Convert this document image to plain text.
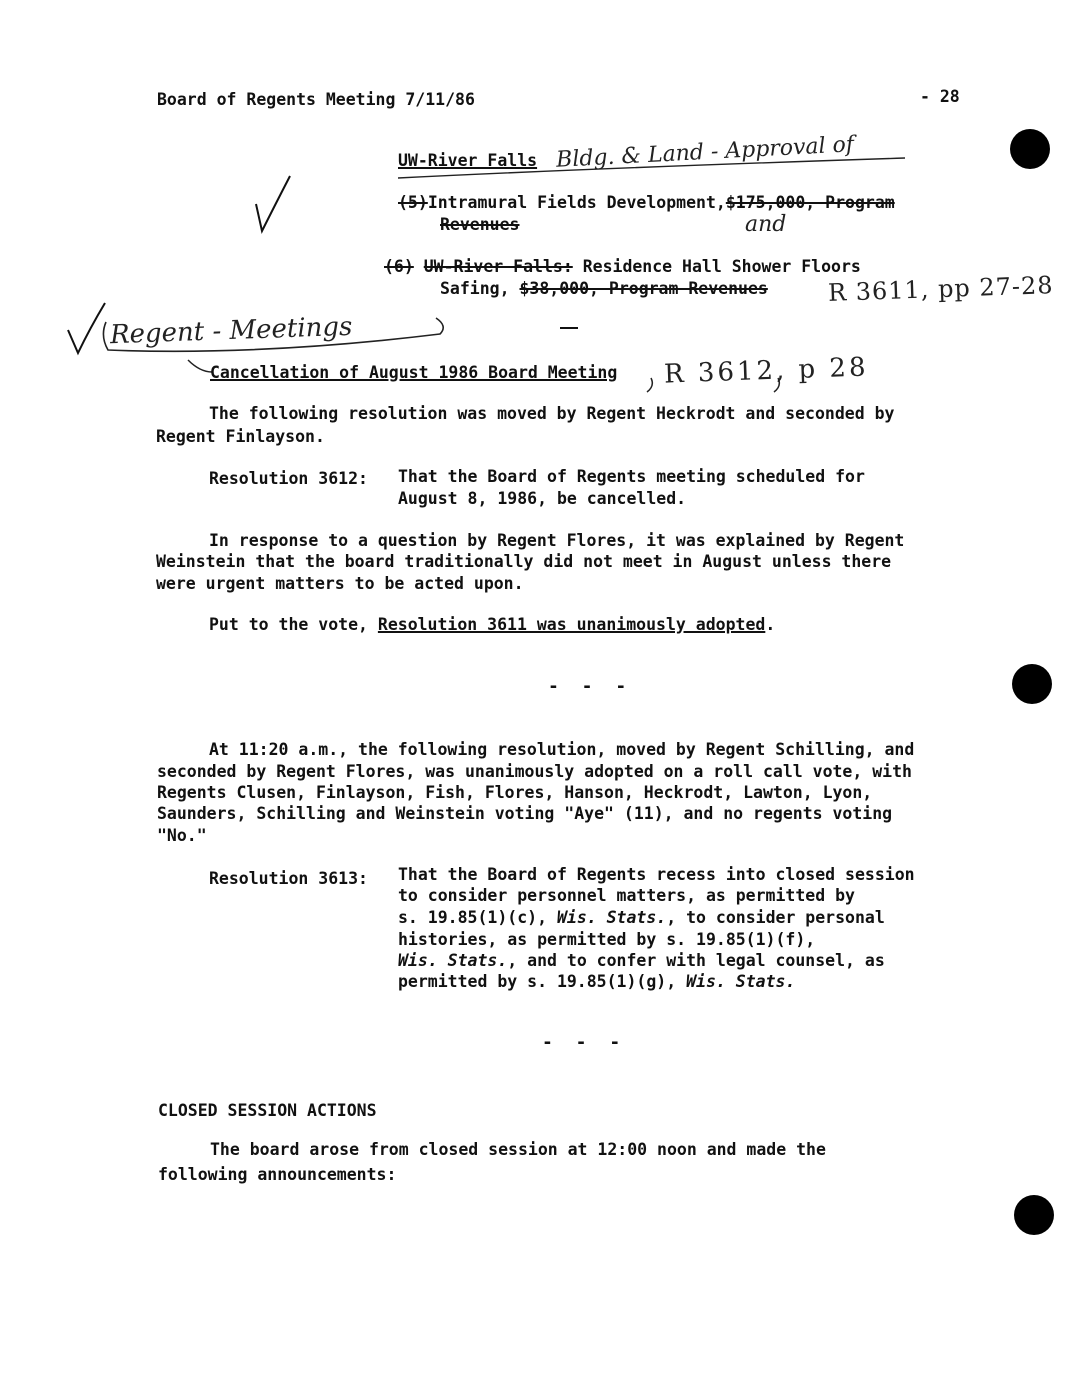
Board of Regents Meeting 7/11/86	- 28
UW-River Falls Bldg. & Land - Approval of
(5)Intramural Fields Development,$175,000, Program
Revenues	and
(6) UW-River Falls: Residence Hall Shower Floors
Safing, $38,000, Program Revenues R 3611, pp 27-28
Regent - Meetings
Cancellation of August 1986 Board Meeting R 3612, p 28
The following resolution was moved by Regent Heckrodt and seconded by
Regent Finlayson.
Resolution 3612: That the Board of Regents meeting scheduled for
August 8, 1986, be cancelled.
In response to a question by Regent Flores, it was explained by Regent
Weinstein that the board traditionally did not meet in August unless there
were urgent matters to be acted upon.
Put to the vote, Resolution 3611 was unanimously adopted.
- - -
At 11:20 a.m., the following resolution, moved by Regent Schilling, and
seconded by Regent Flores, was unanimously adopted on a roll call vote, with
Regents Clusen, Finlayson, Fish, Flores, Hanson, Heckrodt, Lawton, Lyon,
Saunders, Schilling and Weinstein voting "Aye" (11), and no regents voting
"No."
Resolution 3613: That the Board of Regents recess into closed session
to consider personnel matters, as permitted by
s. 19.85(1)(c), Wis. Stats., to consider personal
histories, as permitted by s. 19.85(1)(f),
Wis. Stats., and to confer with legal counsel, as
permitted by s. 19.85(1)(g), Wis. Stats.
- - -
CLOSED SESSION ACTIONS
The board arose from closed session at 12:00 noon and made the
following announcements:
